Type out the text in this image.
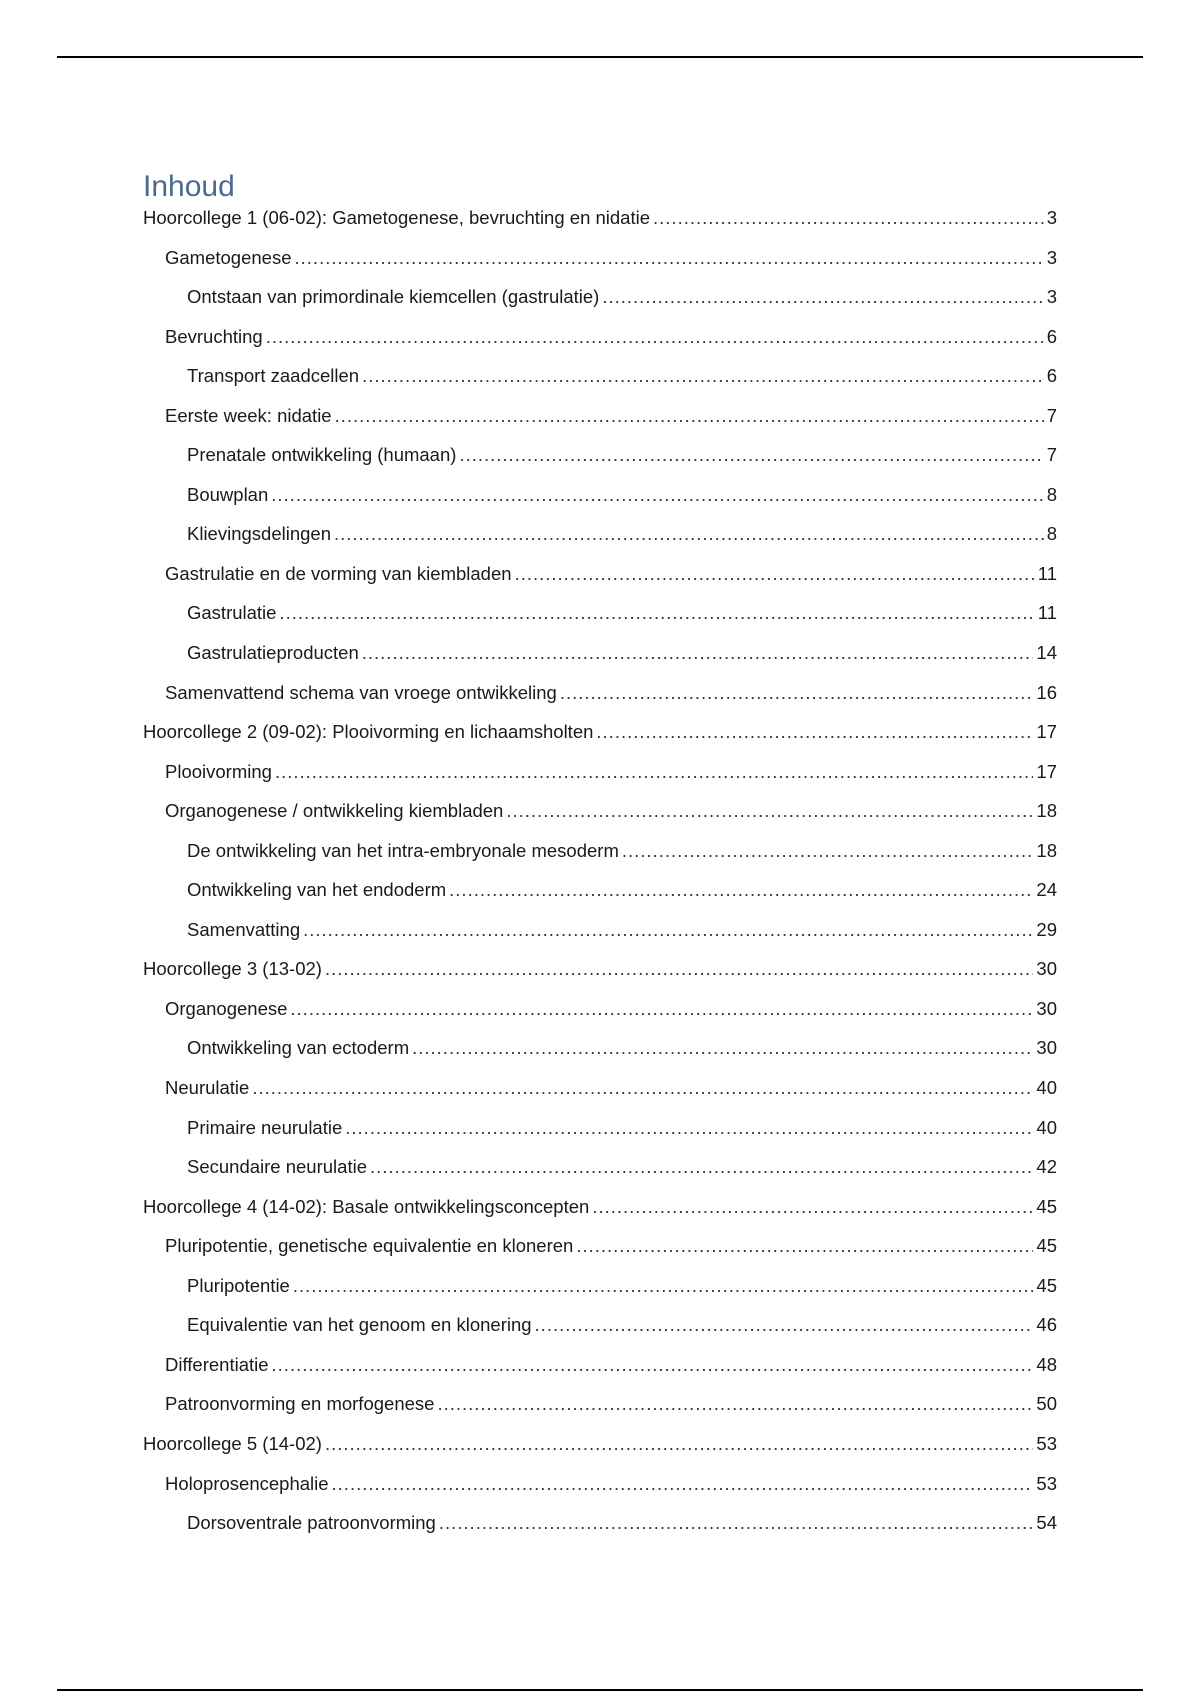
Inhoud
Hoorcollege 1 (06-02): Gametogenese, bevruchting en nidatie .....	3
Gametogenese .....	3
Ontstaan van primordinale kiemcellen (gastrulatie) .....	3
Bevruchting .....	6
Transport zaadcellen .....	6
Eerste week: nidatie .....	7
Prenatale ontwikkeling (humaan) .....	7
Bouwplan .....	8
Klievingsdelingen .....	8
Gastrulatie en de vorming van kiembladen .....	11
Gastrulatie .....	11
Gastrulatieproducten .....	14
Samenvattend schema van vroege ontwikkeling .....	16
Hoorcollege 2 (09-02): Plooivorming en lichaamsholten .....	17
Plooivorming .....	17
Organogenese / ontwikkeling kiembladen .....	18
De ontwikkeling van het intra-embryonale mesoderm .....	18
Ontwikkeling van het endoderm .....	24
Samenvatting .....	29
Hoorcollege 3 (13-02) .....	30
Organogenese .....	30
Ontwikkeling van ectoderm .....	30
Neurulatie .....	40
Primaire neurulatie .....	40
Secundaire neurulatie .....	42
Hoorcollege 4 (14-02): Basale ontwikkelingsconcepten .....	45
Pluripotentie, genetische equivalentie en kloneren .....	45
Pluripotentie .....	45
Equivalentie van het genoom en klonering .....	46
Differentiatie .....	48
Patroonvorming en morfogenese .....	50
Hoorcollege 5 (14-02) .....	53
Holoprosencephalie .....	53
Dorsoventrale patroonvorming .....	54
